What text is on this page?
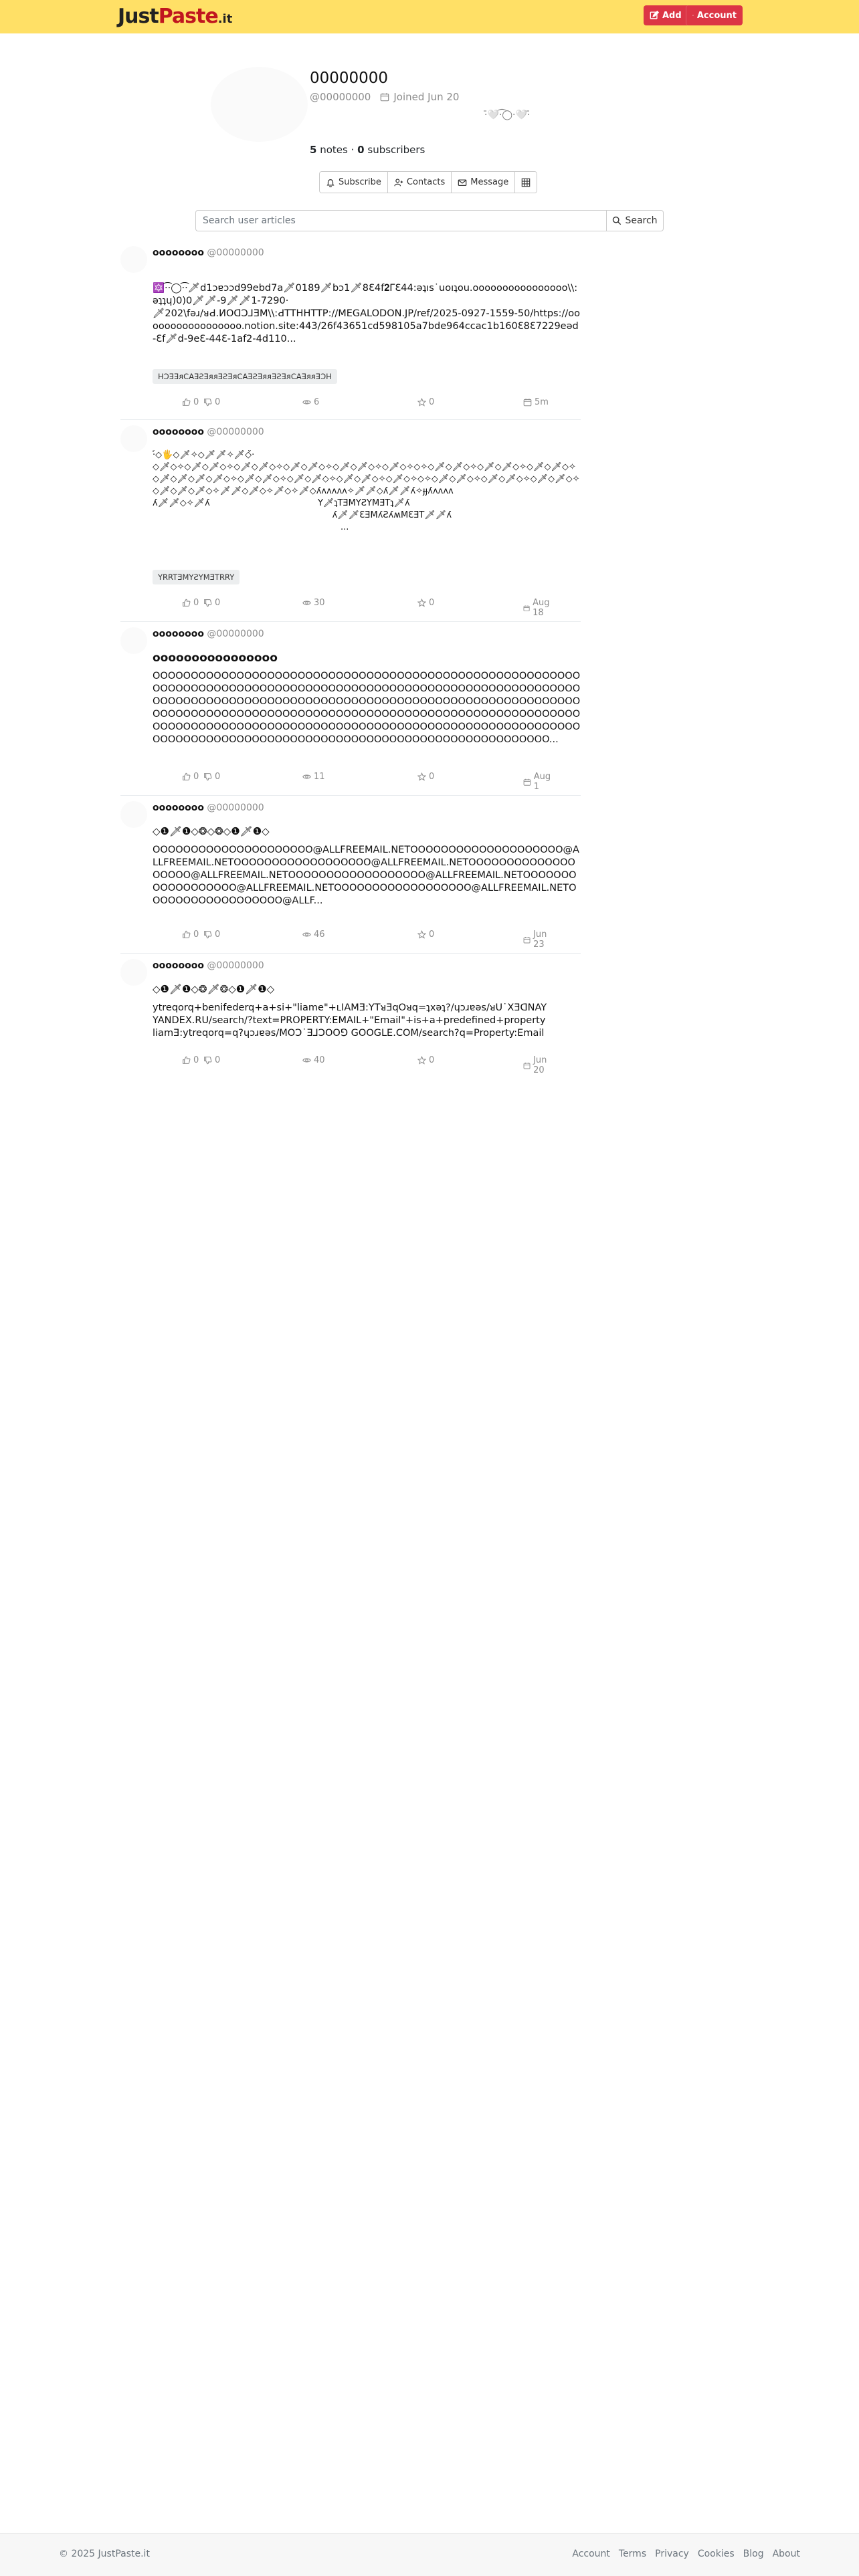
JustPaste.it	Add Account
00000000
@00000000 Joined Jun 20
·̄🤍·͡◯·🤍·̄
5 notes · 0 subscribers
Subscribe	Contacts	Message
Search user articles
Search
oooooooo @00000000
🔯·͡·◯·͡·🗡d1ɔɐɔɔd99ebd7a🗡0189🗡bɔ1🗡8Ɛ4f𝟐ΓƐ44:ǝʇıs˙uoıʇou.oooooooooooooooo\\:ǝʇʇɥ)0)0🗡🗡-9🗡🗡1-7290·
🗡202\fəɹ/ᴚԀ.ИOᗡƆ⅃ƎM\\:ԀTTHHTTP://MEGALODON.JP/ref/2025-0927-1559-50/https://ooooooooooooooooo.notion.site:443/26f43651cd598105a7bde964ccac1b160Ɛ8Ɛ7229eəd-Ɛf🗡d-9eƐ-44Ɛ-1af2-4d110...
HƆƎƎᴙϹAƎƧƎᴙᴙƎƧƎᴙϹAƎƧƎᴙᴙƎƧƎᴙϹAƎᴙᴙƎƆH
0 0	6	0	5m
oooooooo @00000000
·̌◇🖐◇🗡✧◇🗡🗡✧🗡◇̌·
◇🗡◇✧◇🗡◇🗡◇✧◇🗡◇🗡◇✧◇🗡◇🗡◇✧◇🗡◇🗡◇✧◇🗡◇✧◇✧◇🗡◇🗡◇✧◇🗡◇🗡◇✧◇🗡◇🗡◇✧◇🗡◇🗡◇🗡◇🗡◇✧◇🗡◇🗡◇✧◇🗡◇🗡◇✧◇🗡◇🗡◇✧◇🗡◇✧◇✧◇🗡◇🗡◇✧◇🗡◇🗡◇✧◇🗡◇🗡◇✧◇🗡◇🗡◇🗡◇✧🗡🗡◇🗡◇✧🗡◇✧🗡◇ʎʌʌʌʌʌ✧🗡🗡◇ʎ🗡🗡ʎ✧ɟɟʎʌʌʌʌ
ʎ🗡🗡◇✧🗡ʎ                                       Y🗡ʇTƎMYƧYMƎTʇ🗡ʎ
ʎ🗡🗡ƐƎMʎƧʎʍMƐƎT🗡🗡ʎ
...
YRRTƎMYƧYMƎTRRY
0 0	30	0	Aug 18
oooooooo @00000000
oooooooooooooooo
OOOOOOOOOOOOOOOOOOOOOOOOOOOOOOOOOOOOOOOOOOOOOOOOOOOOOOOOOOOOOOOOOOOOOOOOOOOOOOOOOOOOOOOOOOOOOOOOOOOOOOOOOOOOOOOOOOOOOOOOOOOOOOOOOOOOOOOOOOOOOOOOOOOOOOOOOOOOOOOOOOOOOOOOOOOOOOOOOOOOOOOOOOOOOOOOOOOOOOOOOOOOOOOOOOOOOOOOOOOOOOOOOOOOOOOOOOOOOOOOOOOOOOOOOOOOOOOOOOOOOOOOOOOOOOOOOOOOOOOOOOOOOOOOOOOOOOOOOOOOOOOOOOOOOOOOOOOOOOOOOOOOOOOOOOOO...
0 0	11	0	Aug 1
oooooooo @00000000
◇❶🗡❶◇❂◇❂◇❶🗡❶◇
OOOOOOOOOOOOOOOOOOOOO@ALLFREEMAIL.NETOOOOOOOOOOOOOOOOOOOO@ALLFREEMAIL.NETOOOOOOOOOOOOOOOOOO@ALLFREEMAIL.NETOOOOOOOOOOOOOOOOOOO@ALLFREEMAIL.NETOOOOOOOOOOOOOOOOOO@ALLFREEMAIL.NETOOOOOOOOOOOOOOOOOO@ALLFREEMAIL.NETOOOOOOOOOOOOOOOOOO@ALLFREEMAIL.NETOOOOOOOOOOOOOOOOOO@ALLF...
0 0	46	0	Jun 23
oooooooo @00000000
◇❶🗡❶◇❂🗡❂◇❶🗡❶◇
ytreqorq+benifederq+a+si+"liame"+ʟIAMƎ:YTᴚƎqOᴚq=ʇxǝʇ?/ɥɔɹɐǝs/ᴚU˙XƎᗡNAY
YANDEX.RU/search/?text=PROPERTY:EMAIL+"Email"+is+a+predefined+property
liamƎ:ytreqorq=q?ɥɔɹɐǝs/MOƆ˙Ǝ⅃ƆOO⅁ GOOGLE.COM/search?q=Property:Email
0 0	40	0	Jun 20
© 2025 JustPaste.it	Account Terms Privacy Cookies Blog About
